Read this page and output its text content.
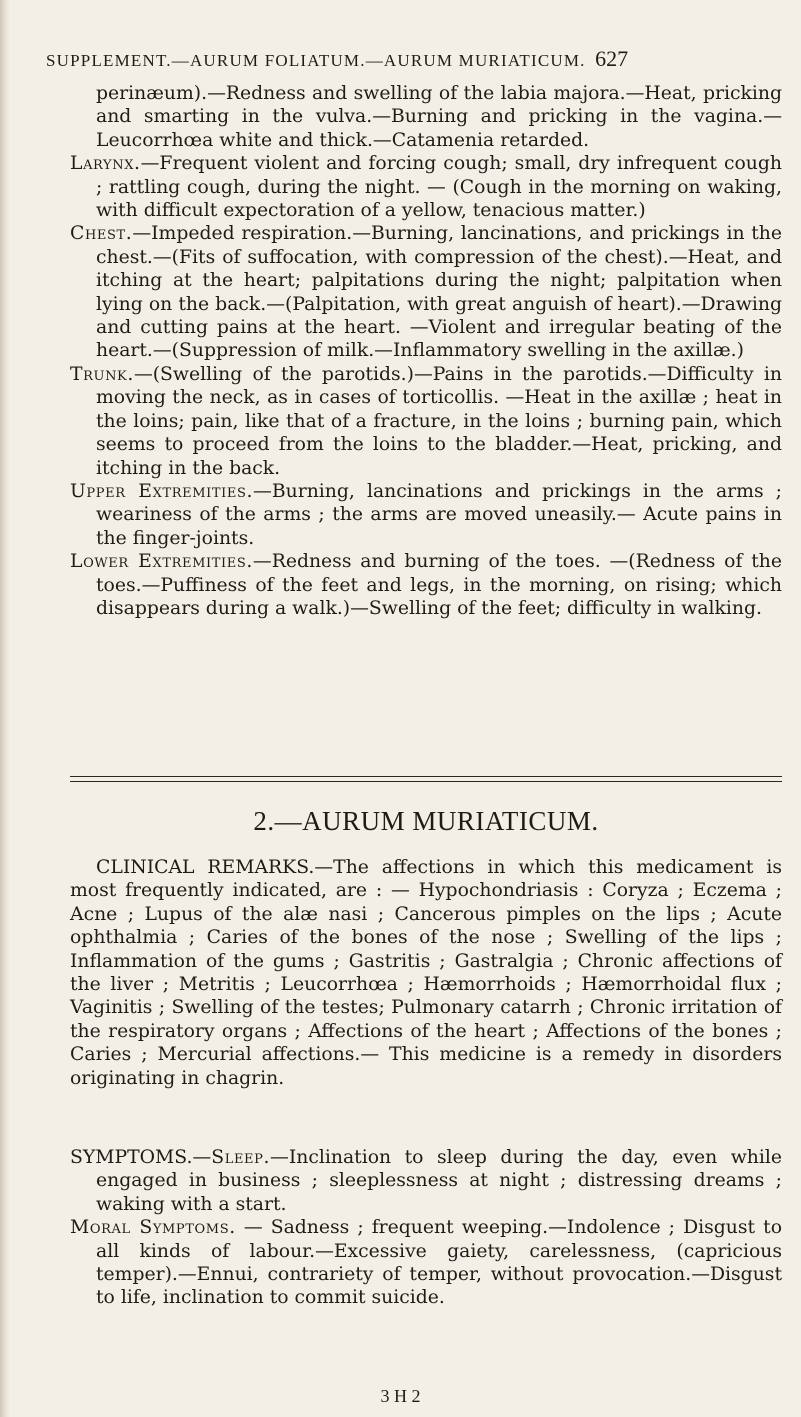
SUPPLEMENT.—AURUM FOLIATUM.—AURUM MURIATICUM. 627

perinæum).—Redness and swelling of the labia majora.—Heat, pricking and smarting in the vulva.—Burning and pricking in the vagina.—Leucorrhœa white and thick.—Catamenia retarded.

Larynx.—Frequent violent and forcing cough; small, dry infrequent cough ; rattling cough, during the night. — (Cough in the morning on waking, with difficult expectoration of a yellow, tenacious matter.)

Chest.—Impeded respiration.—Burning, lancinations, and prickings in the chest.—(Fits of suffocation, with compression of the chest).—Heat, and itching at the heart; palpitations during the night; palpitation when lying on the back.—(Palpitation, with great anguish of heart).—Drawing and cutting pains at the heart. —Violent and irregular beating of the heart.—(Suppression of milk.—Inflammatory swelling in the axillæ.)

Trunk.—(Swelling of the parotids.)—Pains in the parotids.—Difficulty in moving the neck, as in cases of torticollis. —Heat in the axillæ ; heat in the loins; pain, like that of a fracture, in the loins ; burning pain, which seems to proceed from the loins to the bladder.—Heat, pricking, and itching in the back.

Upper Extremities.—Burning, lancinations and prickings in the arms ; weariness of the arms ; the arms are moved uneasily.— Acute pains in the finger-joints.

Lower Extremities.—Redness and burning of the toes. —(Redness of the toes.—Puffiness of the feet and legs, in the morning, on rising; which disappears during a walk.)—Swelling of the feet; difficulty in walking.

2.—AURUM MURIATICUM.

CLINICAL REMARKS.—The affections in which this medicament is most frequently indicated, are : — Hypochondriasis : Coryza ; Eczema ; Acne ; Lupus of the alæ nasi ; Cancerous pimples on the lips ; Acute ophthalmia ; Caries of the bones of the nose ; Swelling of the lips ; Inflammation of the gums ; Gastritis ; Gastralgia ; Chronic affections of the liver ; Metritis ; Leucorrhœa ; Hæmorrhoids ; Hæmorrhoidal flux ; Vaginitis ; Swelling of the testes; Pulmonary catarrh ; Chronic irritation of the respiratory organs ; Affections of the heart ; Affections of the bones ; Caries ; Mercurial affections.— This medicine is a remedy in disorders originating in chagrin.

SYMPTOMS.—Sleep.—Inclination to sleep during the day, even while engaged in business ; sleeplessness at night ; distressing dreams ; waking with a start.

Moral Symptoms. — Sadness ; frequent weeping.—Indolence ; Disgust to all kinds of labour.—Excessive gaiety, carelessness, (capricious temper).—Ennui, contrariety of temper, without provocation.—Disgust to life, inclination to commit suicide.

3 H 2
